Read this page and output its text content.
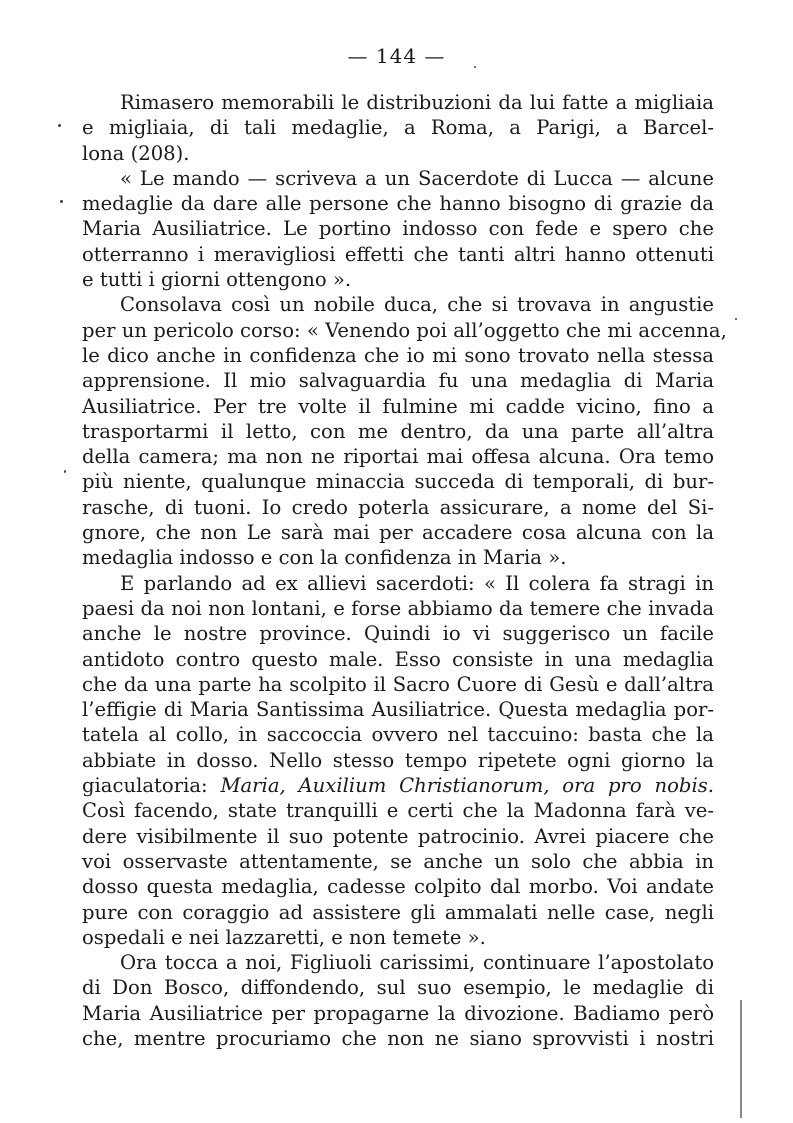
— 144 —
Rimasero memorabili le distribuzioni da lui fatte a migliaia
e migliaia, di tali medaglie, a Roma, a Parigi, a Barcel-
lona (208).
« Le mando — scriveva a un Sacerdote di Lucca — alcune
medaglie da dare alle persone che hanno bisogno di grazie da
Maria Ausiliatrice. Le portino indosso con fede e spero che
otterranno i meravigliosi effetti che tanti altri hanno ottenuti
e tutti i giorni ottengono ».
Consolava così un nobile duca, che si trovava in angustie
per un pericolo corso: « Venendo poi all’oggetto che mi accenna,
le dico anche in confidenza che io mi sono trovato nella stessa
apprensione. Il mio salvaguardia fu una medaglia di Maria
Ausiliatrice. Per tre volte il fulmine mi cadde vicino, fino a
trasportarmi il letto, con me dentro, da una parte all’altra
della camera; ma non ne riportai mai offesa alcuna. Ora temo
più niente, qualunque minaccia succeda di temporali, di bur-
rasche, di tuoni. Io credo poterla assicurare, a nome del Si-
gnore, che non Le sarà mai per accadere cosa alcuna con la
medaglia indosso e con la confidenza in Maria ».
E parlando ad ex allievi sacerdoti: « Il colera fa stragi in
paesi da noi non lontani, e forse abbiamo da temere che invada
anche le nostre province. Quindi io vi suggerisco un facile
antidoto contro questo male. Esso consiste in una medaglia
che da una parte ha scolpito il Sacro Cuore di Gesù e dall’altra
l’effigie di Maria Santissima Ausiliatrice. Questa medaglia por-
tatela al collo, in saccoccia ovvero nel taccuino: basta che la
abbiate in dosso. Nello stesso tempo ripetete ogni giorno la
giaculatoria: Maria, Auxilium Christianorum, ora pro nobis.
Così facendo, state tranquilli e certi che la Madonna farà ve-
dere visibilmente il suo potente patrocinio. Avrei piacere che
voi osservaste attentamente, se anche un solo che abbia in
dosso questa medaglia, cadesse colpito dal morbo. Voi andate
pure con coraggio ad assistere gli ammalati nelle case, negli
ospedali e nei lazzaretti, e non temete ».
Ora tocca a noi, Figliuoli carissimi, continuare l’apostolato
di Don Bosco, diffondendo, sul suo esempio, le medaglie di
Maria Ausiliatrice per propagarne la divozione. Badiamo però
che, mentre procuriamo che non ne siano sprovvisti i nostri
